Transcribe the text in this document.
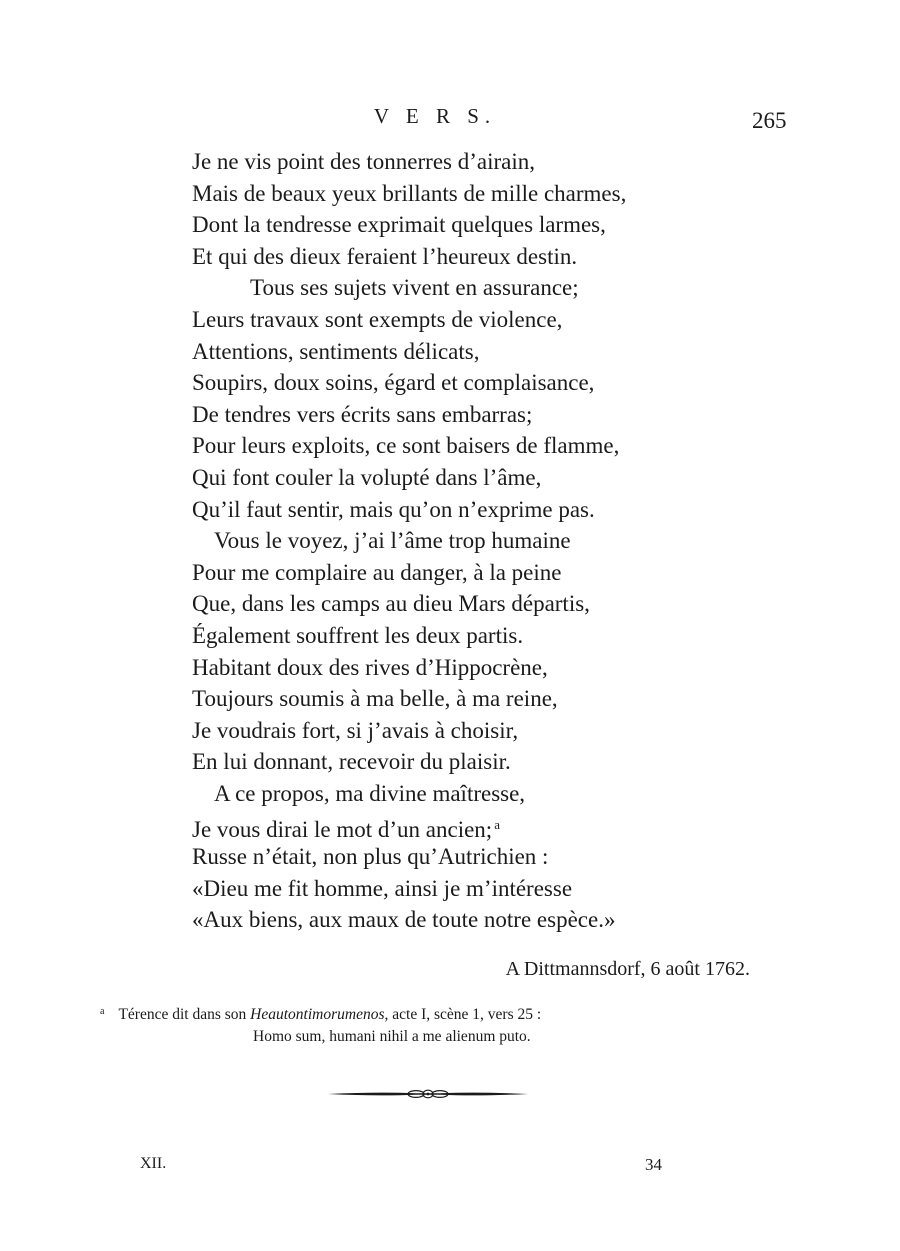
V E R S.	265
Je ne vis point des tonnerres d’airain,
Mais de beaux yeux brillants de mille charmes,
Dont la tendresse exprimait quelques larmes,
Et qui des dieux feraient l’heureux destin.
Tous ses sujets vivent en assurance;
Leurs travaux sont exempts de violence,
Attentions, sentiments délicats,
Soupirs, doux soins, égard et complaisance,
De tendres vers écrits sans embarras;
Pour leurs exploits, ce sont baisers de flamme,
Qui font couler la volupté dans l’âme,
Qu’il faut sentir, mais qu’on n’exprime pas.
Vous le voyez, j’ai l’âme trop humaine
Pour me complaire au danger, à la peine
Que, dans les camps au dieu Mars départis,
Également souffrent les deux partis.
Habitant doux des rives d’Hippocrène,
Toujours soumis à ma belle, à ma reine,
Je voudrais fort, si j’avais à choisir,
En lui donnant, recevoir du plaisir.
A ce propos, ma divine maîtresse,
Je vous dirai le mot d’un ancien; $^a$
Russe n’était, non plus qu’Autrichien :
«Dieu me fit homme, ainsi je m’intéresse
«Aux biens, aux maux de toute notre espèce.»
A Dittmannsdorf, 6 août 1762.
$^a$ Térence dit dans son Heautontimorumenos, acte I, scène 1, vers 25 :
Homo sum, humani nihil a me alienum puto.
XII.	34
